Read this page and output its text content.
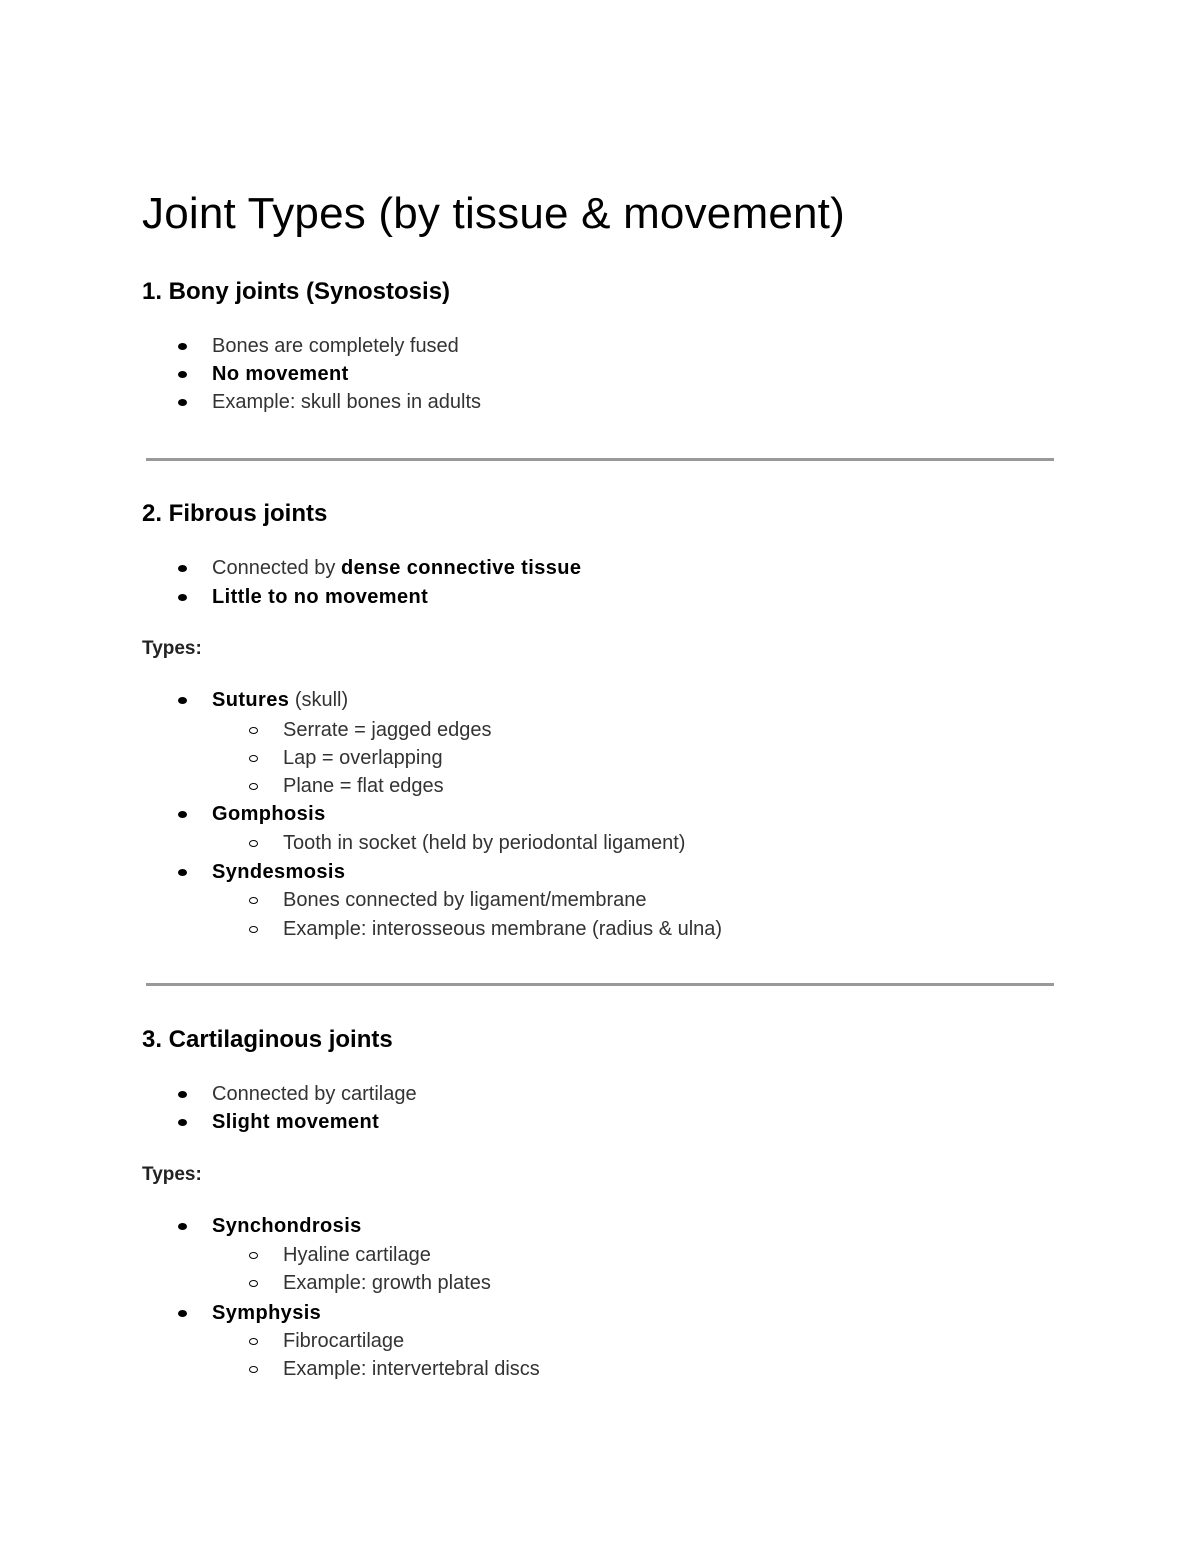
Joint Types (by tissue & movement)
1. Bony joints (Synostosis)
Bones are completely fused
No movement
Example: skull bones in adults
2. Fibrous joints
Connected by dense connective tissue
Little to no movement
Types:
Sutures (skull)
Serrate = jagged edges
Lap = overlapping
Plane = flat edges
Gomphosis
Tooth in socket (held by periodontal ligament)
Syndesmosis
Bones connected by ligament/membrane
Example: interosseous membrane (radius & ulna)
3. Cartilaginous joints
Connected by cartilage
Slight movement
Types:
Synchondrosis
Hyaline cartilage
Example: growth plates
Symphysis
Fibrocartilage
Example: intervertebral discs
